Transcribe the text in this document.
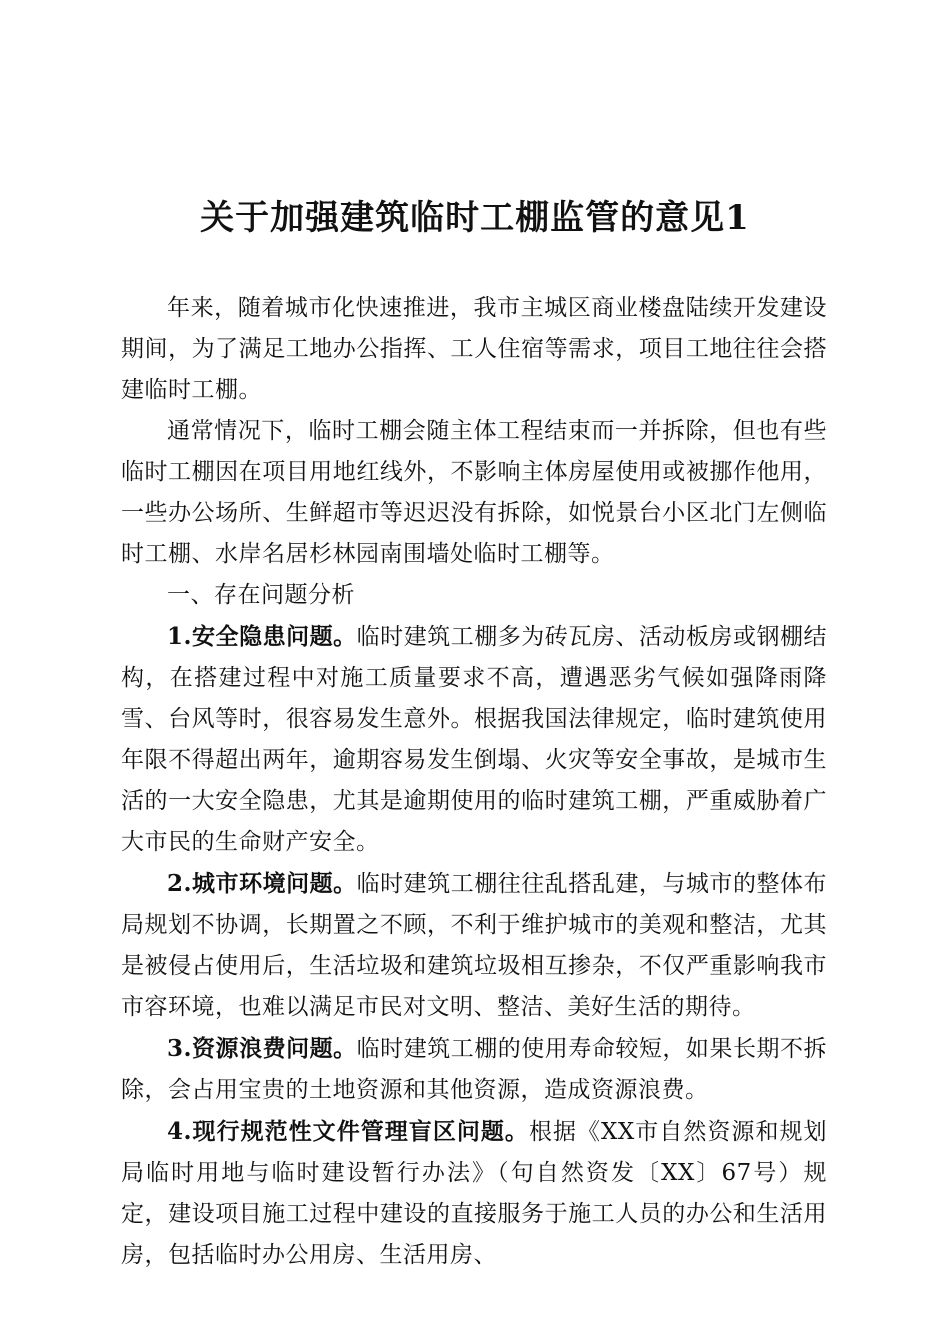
关于加强建筑临时工棚监管的意见1

年来，随着城市化快速推进，我市主城区商业楼盘陆续开发建设期间，为了满足工地办公指挥、工人住宿等需求，项目工地往往会搭建临时工棚。

通常情况下，临时工棚会随主体工程结束而一并拆除，但也有些临时工棚因在项目用地红线外，不影响主体房屋使用或被挪作他用，一些办公场所、生鲜超市等迟迟没有拆除，如悦景台小区北门左侧临时工棚、水岸名居杉林园南围墙处临时工棚等。

一、存在问题分析

1.安全隐患问题。临时建筑工棚多为砖瓦房、活动板房或钢棚结构，在搭建过程中对施工质量要求不高，遭遇恶劣气候如强降雨降雪、台风等时，很容易发生意外。根据我国法律规定，临时建筑使用年限不得超出两年，逾期容易发生倒塌、火灾等安全事故，是城市生活的一大安全隐患，尤其是逾期使用的临时建筑工棚，严重威胁着广大市民的生命财产安全。

2.城市环境问题。临时建筑工棚往往乱搭乱建，与城市的整体布局规划不协调，长期置之不顾，不利于维护城市的美观和整洁，尤其是被侵占使用后，生活垃圾和建筑垃圾相互掺杂，不仅严重影响我市市容环境，也难以满足市民对文明、整洁、美好生活的期待。

3.资源浪费问题。临时建筑工棚的使用寿命较短，如果长期不拆除，会占用宝贵的土地资源和其他资源，造成资源浪费。

4.现行规范性文件管理盲区问题。根据《XX市自然资源和规划局临时用地与临时建设暂行办法》（句自然资发〔XX〕67号）规定，建设项目施工过程中建设的直接服务于施工人员的办公和生活用房，包括临时办公用房、生活用房、
